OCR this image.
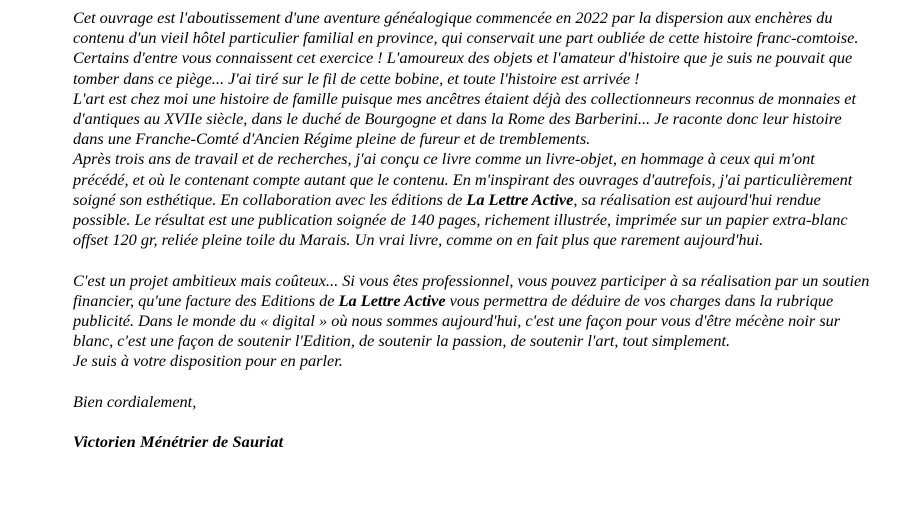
Cet ouvrage est l'aboutissement d'une aventure généalogique commencée en 2022 par la dispersion aux enchères du contenu d'un vieil hôtel particulier familial en province, qui conservait une part oubliée de cette histoire franc-comtoise. Certains d'entre vous connaissent cet exercice ! L'amoureux des objets et l'amateur d'histoire que je suis ne pouvait que tomber dans ce piège... J'ai tiré sur le fil de cette bobine, et toute l'histoire est arrivée !

L'art est chez moi une histoire de famille puisque mes ancêtres étaient déjà des collectionneurs reconnus de monnaies et d'antiques au XVIIe siècle, dans le duché de Bourgogne et dans la Rome des Barberini... Je raconte donc leur histoire dans une Franche-Comté d'Ancien Régime pleine de fureur et de tremblements.

Après trois ans de travail et de recherches, j'ai conçu ce livre comme un livre-objet, en hommage à ceux qui m'ont précédé, et où le contenant compte autant que le contenu. En m'inspirant des ouvrages d'autrefois, j'ai particulièrement soigné son esthétique. En collaboration avec les éditions de La Lettre Active, sa réalisation est aujourd'hui rendue possible. Le résultat est une publication soignée de 140 pages, richement illustrée, imprimée sur un papier extra-blanc offset 120 gr, reliée pleine toile du Marais. Un vrai livre, comme on en fait plus que rarement aujourd'hui.

C'est un projet ambitieux mais coûteux... Si vous êtes professionnel, vous pouvez participer à sa réalisation par un soutien financier, qu'une facture des Editions de La Lettre Active vous permettra de déduire de vos charges dans la rubrique publicité. Dans le monde du « digital » où nous sommes aujourd'hui, c'est une façon pour vous d'être mécène noir sur blanc, c'est une façon de soutenir l'Edition, de soutenir la passion, de soutenir l'art, tout simplement.

Je suis à votre disposition pour en parler.

Bien cordialement,

Victorien Ménétrier de Sauriat
